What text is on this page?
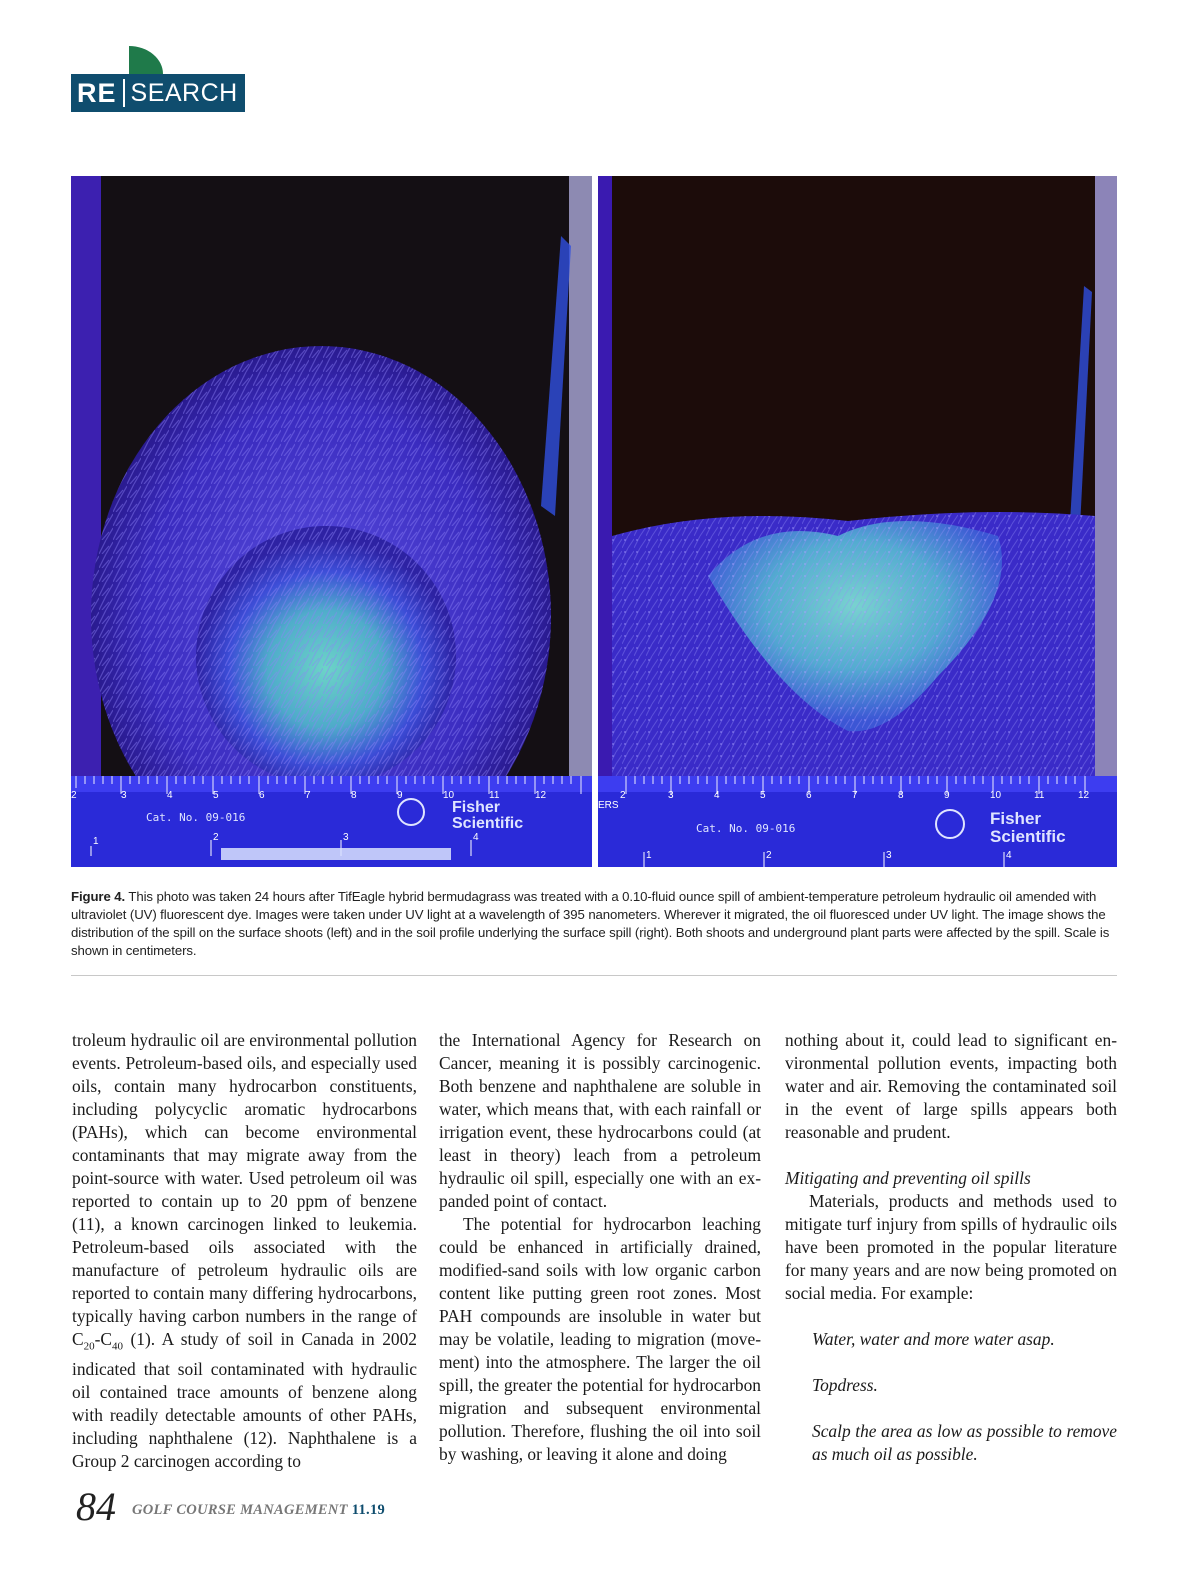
RE SEARCH
2	3	4	5	6	7	8	9	10	11	12
Cat. No. 09-016
Fisher
Scientific
1	2	3	4
2	3	4	5	6	7	8	9	10	11	12
ERS
Cat. No. 09-016
Fisher
Scientific
1	2	3	4
Figure 4. This photo was taken 24 hours after TifEagle hybrid bermudagrass was treated with a 0.10-fluid ounce spill of ambient-temperature petroleum hydraulic oil amended with ultraviolet (UV) fluorescent dye. Images were taken under UV light at a wavelength of 395 nanometers. Wherever it migrated, the oil fluoresced under UV light. The image shows the distribution of the spill on the surface shoots (left) and in the soil profile underlying the surface spill (right). Both shoots and underground plant parts were affected by the spill. Scale is shown in centimeters.

troleum hydraulic oil are environmental pollution events. Petroleum-based oils, and especially used oils, contain many hydrocarbon constituents, including polycyclic aromatic hydrocarbons (PAHs), which can become environmental contaminants that may migrate away from the point-source with water. Used petroleum oil was reported to contain up to 20 ppm of benzene (11), a known carcinogen linked to leukemia. Petroleum-based oils associated with the manufacture of petroleum hydraulic oils are reported to contain many differing hydrocarbons, typically having carbon numbers in the range of $C_{20}-C_{40}$ (1). A study of soil in Canada in 2002 indicated that soil contaminated with hydraulic oil contained trace amounts of benzene along with readily detectable amounts of other PAHs, including naphthalene (12). Naphthalene is a Group 2 carcinogen according to

the International Agency for Research on Cancer, meaning it is possibly carcinogenic. Both benzene and naphthalene are soluble in water, which means that, with each rainfall or irrigation event, these hydrocarbons could (at least in theory) leach from a petroleum hydraulic oil spill, especially one with an expanded point of contact.

The potential for hydrocarbon leaching could be enhanced in artificially drained, modified-sand soils with low organic carbon content like putting green root zones. Most PAH compounds are insoluble in water but may be volatile, leading to migration (movement) into the atmosphere. The larger the oil spill, the greater the potential for hydrocarbon migration and subsequent environmental pollution. Therefore, flushing the oil into soil by washing, or leaving it alone and doing

nothing about it, could lead to significant environmental pollution events, impacting both water and air. Removing the contaminated soil in the event of large spills appears both reasonable and prudent.

Mitigating and preventing oil spills

Materials, products and methods used to mitigate turf injury from spills of hydraulic oils have been promoted in the popular literature for many years and are now being promoted on social media. For example:

Water, water and more water asap.

Topdress.

Scalp the area as low as possible to remove as much oil as possible.

84 GOLF COURSE MANAGEMENT 11.19
